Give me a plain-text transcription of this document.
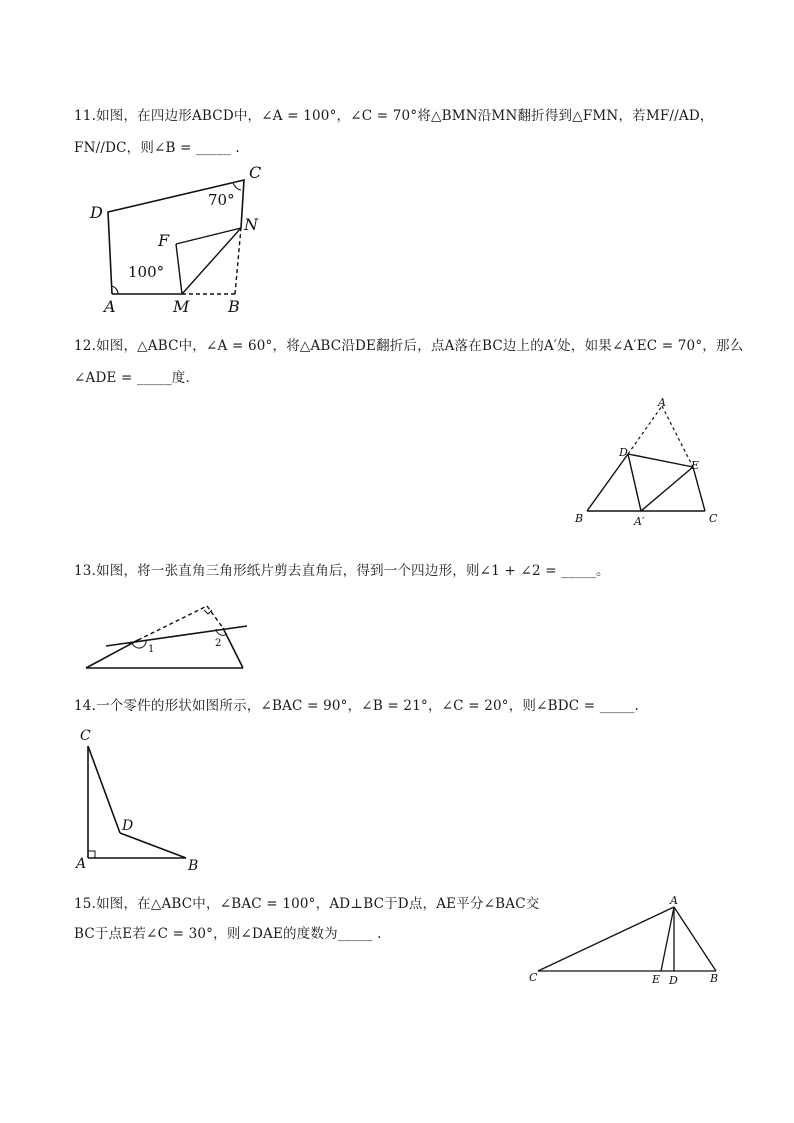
11.如图，在四边形ABCD中，∠A = 100°，∠C = 70°将△BMN沿MN翻折得到△FMN，若MF//AD，
FN//DC，则∠B = _____ .
A	B
C
D
F
M
N
100°
70°
12.如图，△ABC中，∠A = 60°，将△ABC沿DE翻折后，点A落在BC边上的A′处，如果∠A′EC = 70°，那么
∠ADE = _____度.
A
B	C
D
E
A′
13.如图，将一张直角三角形纸片剪去直角后，得到一个四边形，则∠1 + ∠2 = _____。
1
2
14.一个零件的形状如图所示，∠BAC = 90°，∠B = 21°，∠C = 20°，则∠BDC = _____.
C
A	B
D
15.如图，在△ABC中，∠BAC = 100°，AD⊥BC于D点，AE平分∠BAC交
BC于点E若∠C = 30°，则∠DAE的度数为_____ .
A
C	E D	B
